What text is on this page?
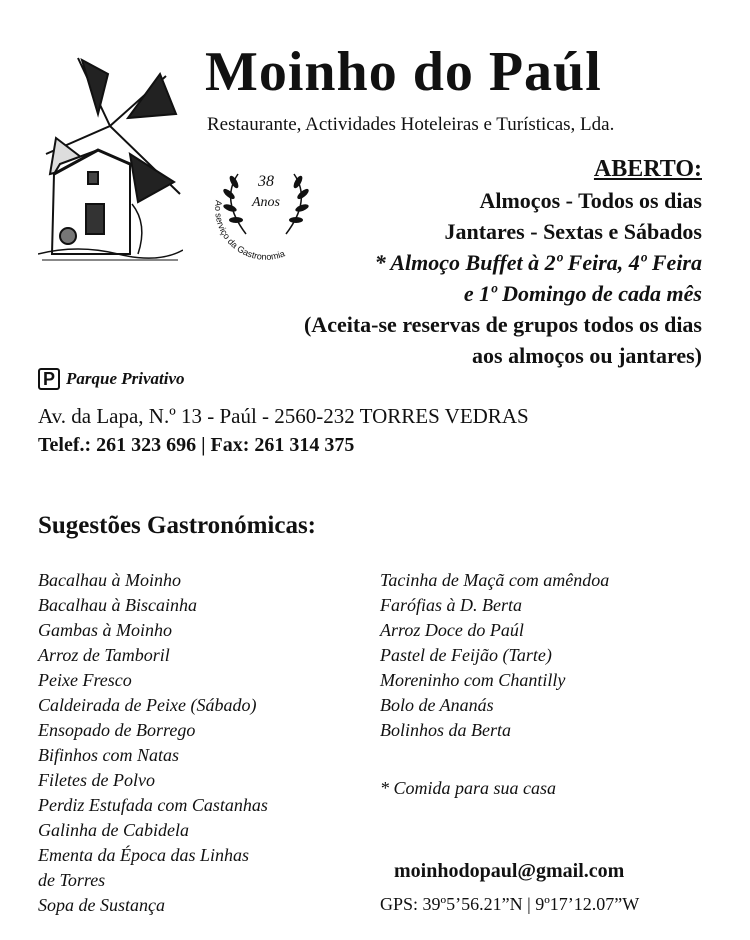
38
Anos
Ao serviço da Gastronomia
Moinho do Paúl
Restaurante, Actividades Hoteleiras e Turísticas, Lda.
ABERTO:
Almoços - Todos os dias
Jantares - Sextas e Sábados
* Almoço Buffet à 2º Feira, 4º Feira
e 1º Domingo de cada mês
(Aceita-se reservas de grupos todos os dias
aos almoços ou jantares)
P Parque Privativo
Av. da Lapa, N.º 13 - Paúl - 2560-232 TORRES VEDRAS
Telef.: 261 323 696 | Fax: 261 314 375
Sugestões Gastronómicas:
Bacalhau à Moinho
Bacalhau à Biscainha
Gambas à Moinho
Arroz de Tamboril
Peixe Fresco
Caldeirada de Peixe (Sábado)
Ensopado de Borrego
Bifinhos com Natas
Filetes de Polvo
Perdiz Estufada com Castanhas
Galinha de Cabidela
Ementa da Época das Linhas
de Torres
Sopa de Sustança
Tacinha de Maçã com amêndoa
Farófias à D. Berta
Arroz Doce do Paúl
Pastel de Feijão (Tarte)
Moreninho com Chantilly
Bolo de Ananás
Bolinhos da Berta
* Comida para sua casa
moinhodopaul@gmail.com
GPS: 39º5’56.21”N | 9º17’12.07”W
